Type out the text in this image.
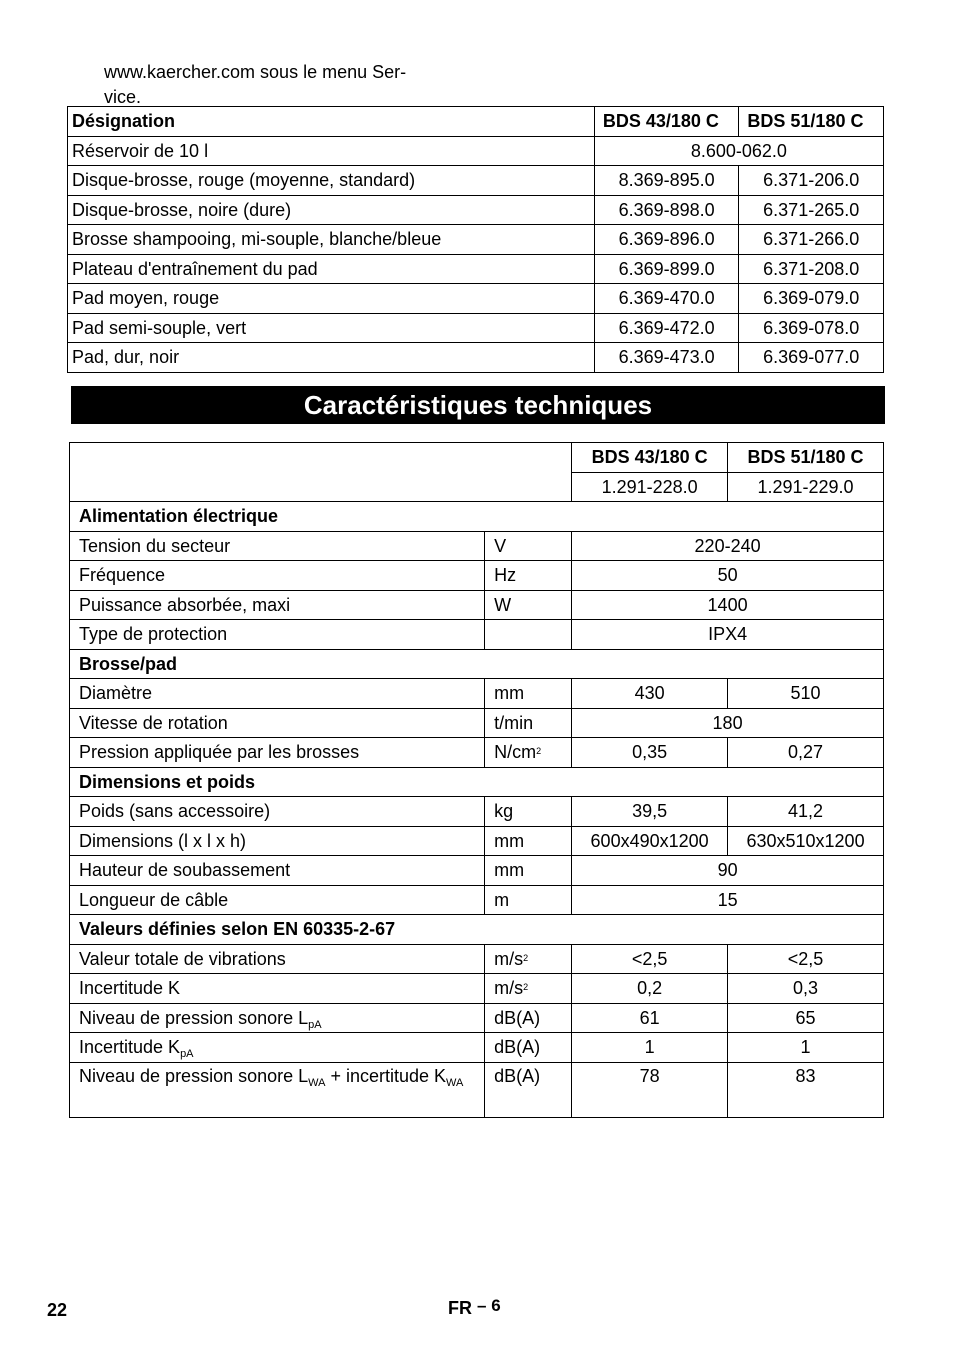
www.kaercher.com sous le menu Ser-
vice.
Désignation	BDS 43/180 C	BDS 51/180 C
Réservoir de 10 l	8.600-062.0	
Disque-brosse, rouge (moyenne, standard)	8.369-895.0	6.371-206.0
Disque-brosse, noire (dure)	6.369-898.0	6.371-265.0
Brosse shampooing, mi-souple, blanche/bleue	6.369-896.0	6.371-266.0
Plateau d'entraînement du pad	6.369-899.0	6.371-208.0
Pad moyen, rouge	6.369-470.0	6.369-079.0
Pad semi-souple, vert	6.369-472.0	6.369-078.0
Pad, dur, noir	6.369-473.0	6.369-077.0
Caractéristiques techniques
		BDS 43/180 C	BDS 51/180 C
		1.291-228.0	1.291-229.0
Alimentation électrique			
Tension du secteur	V	220-240	
Fréquence	Hz	50	
Puissance absorbée, maxi	W	1400	
Type de protection		IPX4	
Brosse/pad			
Diamètre	mm	430	510
Vitesse de rotation	t/min	180	
Pression appliquée par les brosses	$N/cm^2$	0,35	0,27
Dimensions et poids			
Poids (sans accessoire)	kg	39,5	41,2
Dimensions (l x l x h)	mm	600x490x1200	630x510x1200
Hauteur de soubassement	mm	90	
Longueur de câble	m	15	
Valeurs définies selon EN 60335-2-67			
Valeur totale de vibrations	$m/s^2$	<2,5	<2,5
Incertitude K	$m/s^2$	0,2	0,3
Niveau de pression sonore $L_{pA}$	dB(A)	61	65
Incertitude $K_{pA}$	dB(A)	1	1
Niveau de pression sonore $L_{WA}$ + incertitude $K_{WA}$	dB(A)	78	83
22	FR – 6
